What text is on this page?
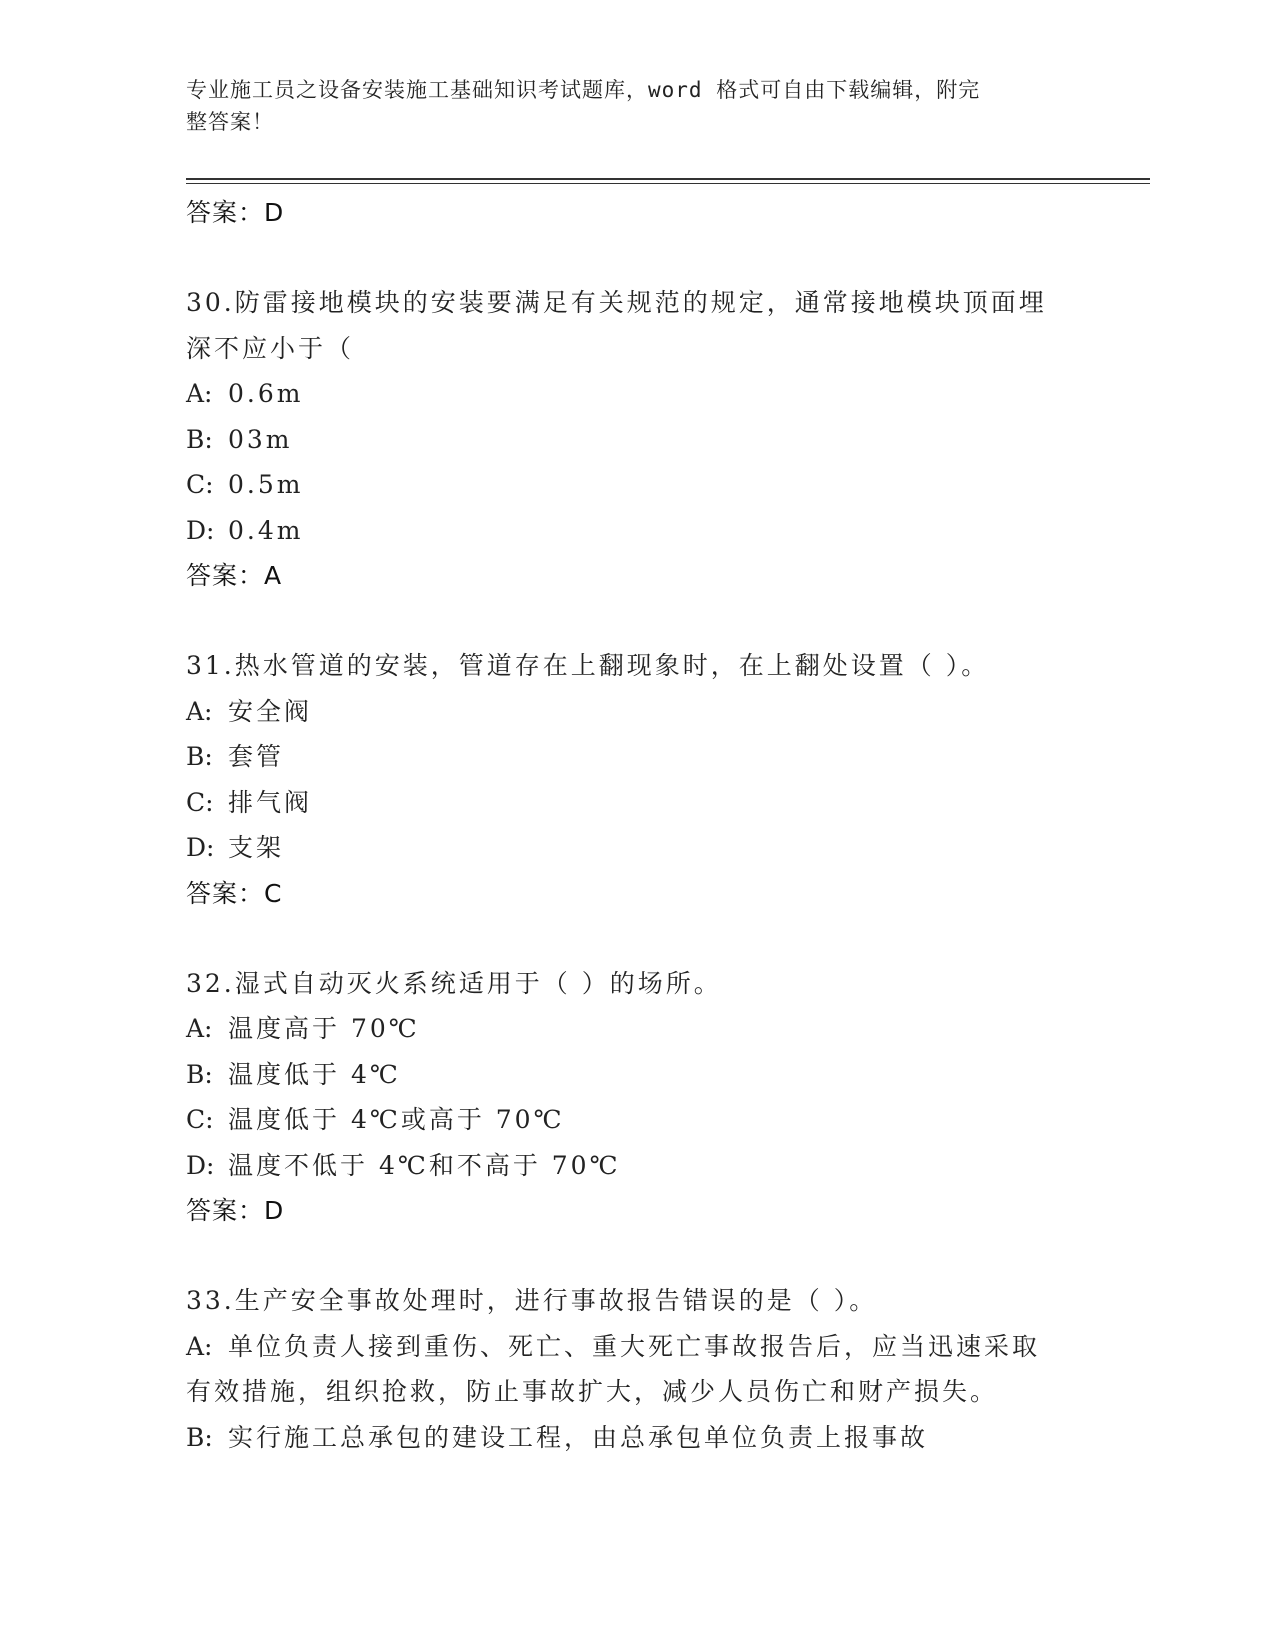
专业施工员之设备安装施工基础知识考试题库，word 格式可自由下载编辑，附完
整答案！
答案：D
30.防雷接地模块的安装要满足有关规范的规定，通常接地模块顶面埋
深不应小于（
A: 0.6m
B: 03m
C: 0.5m
D: 0.4m
答案：A
31.热水管道的安装，管道存在上翻现象时，在上翻处设置（ ）。
A: 安全阀
B: 套管
C: 排气阀
D: 支架
答案：C
32.湿式自动灭火系统适用于（ ）的场所。
A: 温度高于 70℃
B: 温度低于 4℃
C: 温度低于 4℃或高于 70℃
D: 温度不低于 4℃和不高于 70℃
答案：D
33.生产安全事故处理时，进行事故报告错误的是（ ）。
A: 单位负责人接到重伤、死亡、重大死亡事故报告后，应当迅速采取
有效措施，组织抢救，防止事故扩大，减少人员伤亡和财产损失。
B: 实行施工总承包的建设工程，由总承包单位负责上报事故
